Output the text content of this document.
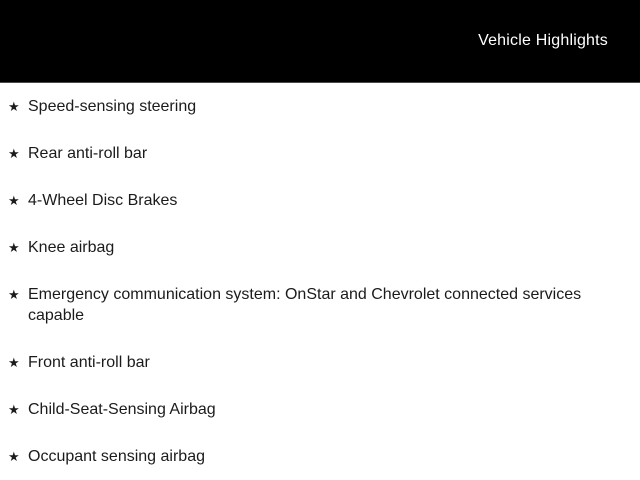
Vehicle Highlights
★ Speed-sensing steering
★ Rear anti-roll bar
★ 4-Wheel Disc Brakes
★ Knee airbag
★ Emergency communication system: OnStar and Chevrolet connected services capable
★ Front anti-roll bar
★ Child-Seat-Sensing Airbag
★ Occupant sensing airbag
